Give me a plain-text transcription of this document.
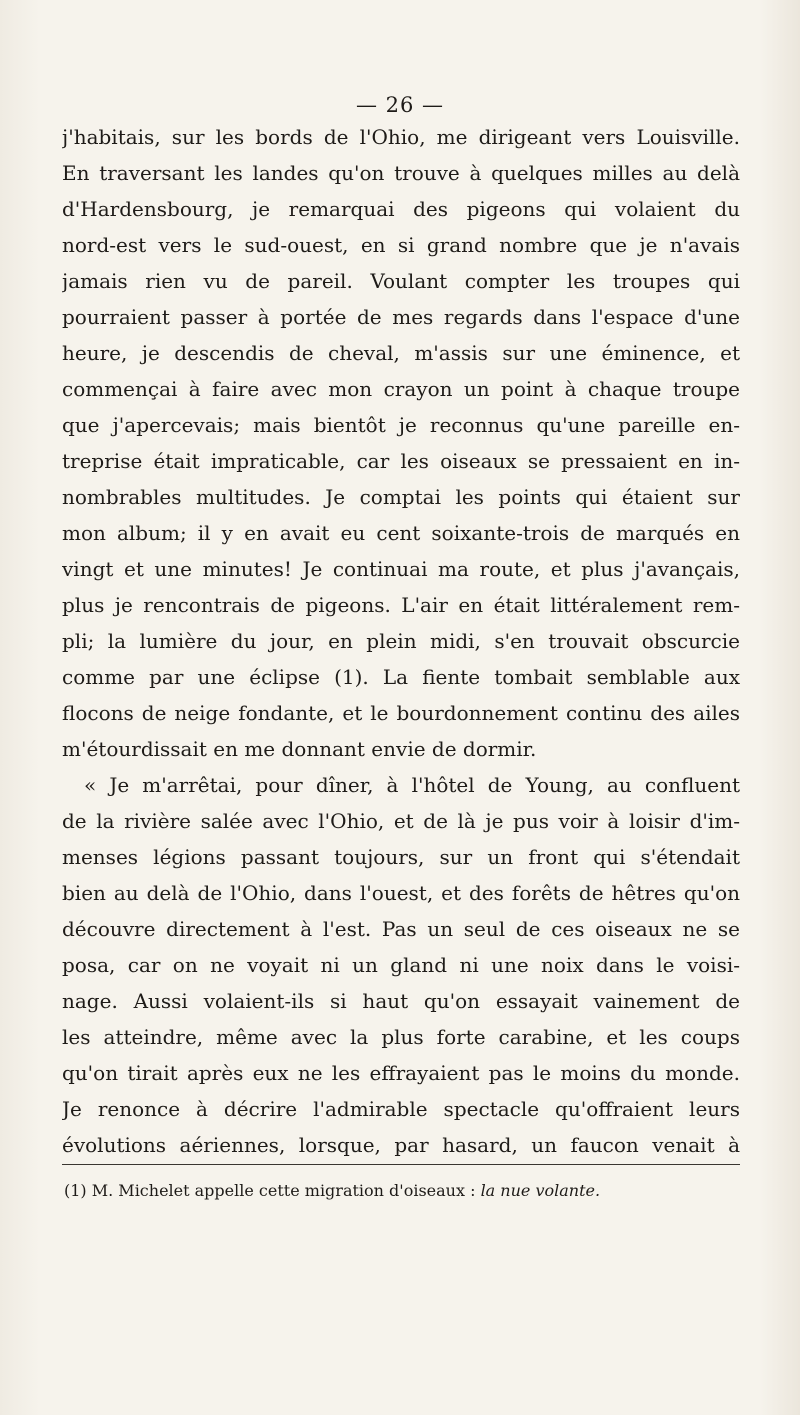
— 26 —
j'habitais, sur les bords de l'Ohio, me dirigeant vers Louisville.
En traversant les landes qu'on trouve à quelques milles au delà
d'Hardensbourg, je remarquai des pigeons qui volaient du
nord-est vers le sud-ouest, en si grand nombre que je n'avais
jamais rien vu de pareil. Voulant compter les troupes qui
pourraient passer à portée de mes regards dans l'espace d'une
heure, je descendis de cheval, m'assis sur une éminence, et
commençai à faire avec mon crayon un point à chaque troupe
que j'apercevais; mais bientôt je reconnus qu'une pareille en-
treprise était impraticable, car les oiseaux se pressaient en in-
nombrables multitudes. Je comptai les points qui étaient sur
mon album; il y en avait eu cent soixante-trois de marqués en
vingt et une minutes! Je continuai ma route, et plus j'avançais,
plus je rencontrais de pigeons. L'air en était littéralement rem-
pli; la lumière du jour, en plein midi, s'en trouvait obscurcie
comme par une éclipse (1). La fiente tombait semblable aux
flocons de neige fondante, et le bourdonnement continu des ailes
m'étourdissait en me donnant envie de dormir.
« Je m'arrêtai, pour dîner, à l'hôtel de Young, au confluent
de la rivière salée avec l'Ohio, et de là je pus voir à loisir d'im-
menses légions passant toujours, sur un front qui s'étendait
bien au delà de l'Ohio, dans l'ouest, et des forêts de hêtres qu'on
découvre directement à l'est. Pas un seul de ces oiseaux ne se
posa, car on ne voyait ni un gland ni une noix dans le voisi-
nage. Aussi volaient-ils si haut qu'on essayait vainement de
les atteindre, même avec la plus forte carabine, et les coups
qu'on tirait après eux ne les effrayaient pas le moins du monde.
Je renonce à décrire l'admirable spectacle qu'offraient leurs
évolutions aériennes, lorsque, par hasard, un faucon venait à
(1) M. Michelet appelle cette migration d'oiseaux : la nue volante.
